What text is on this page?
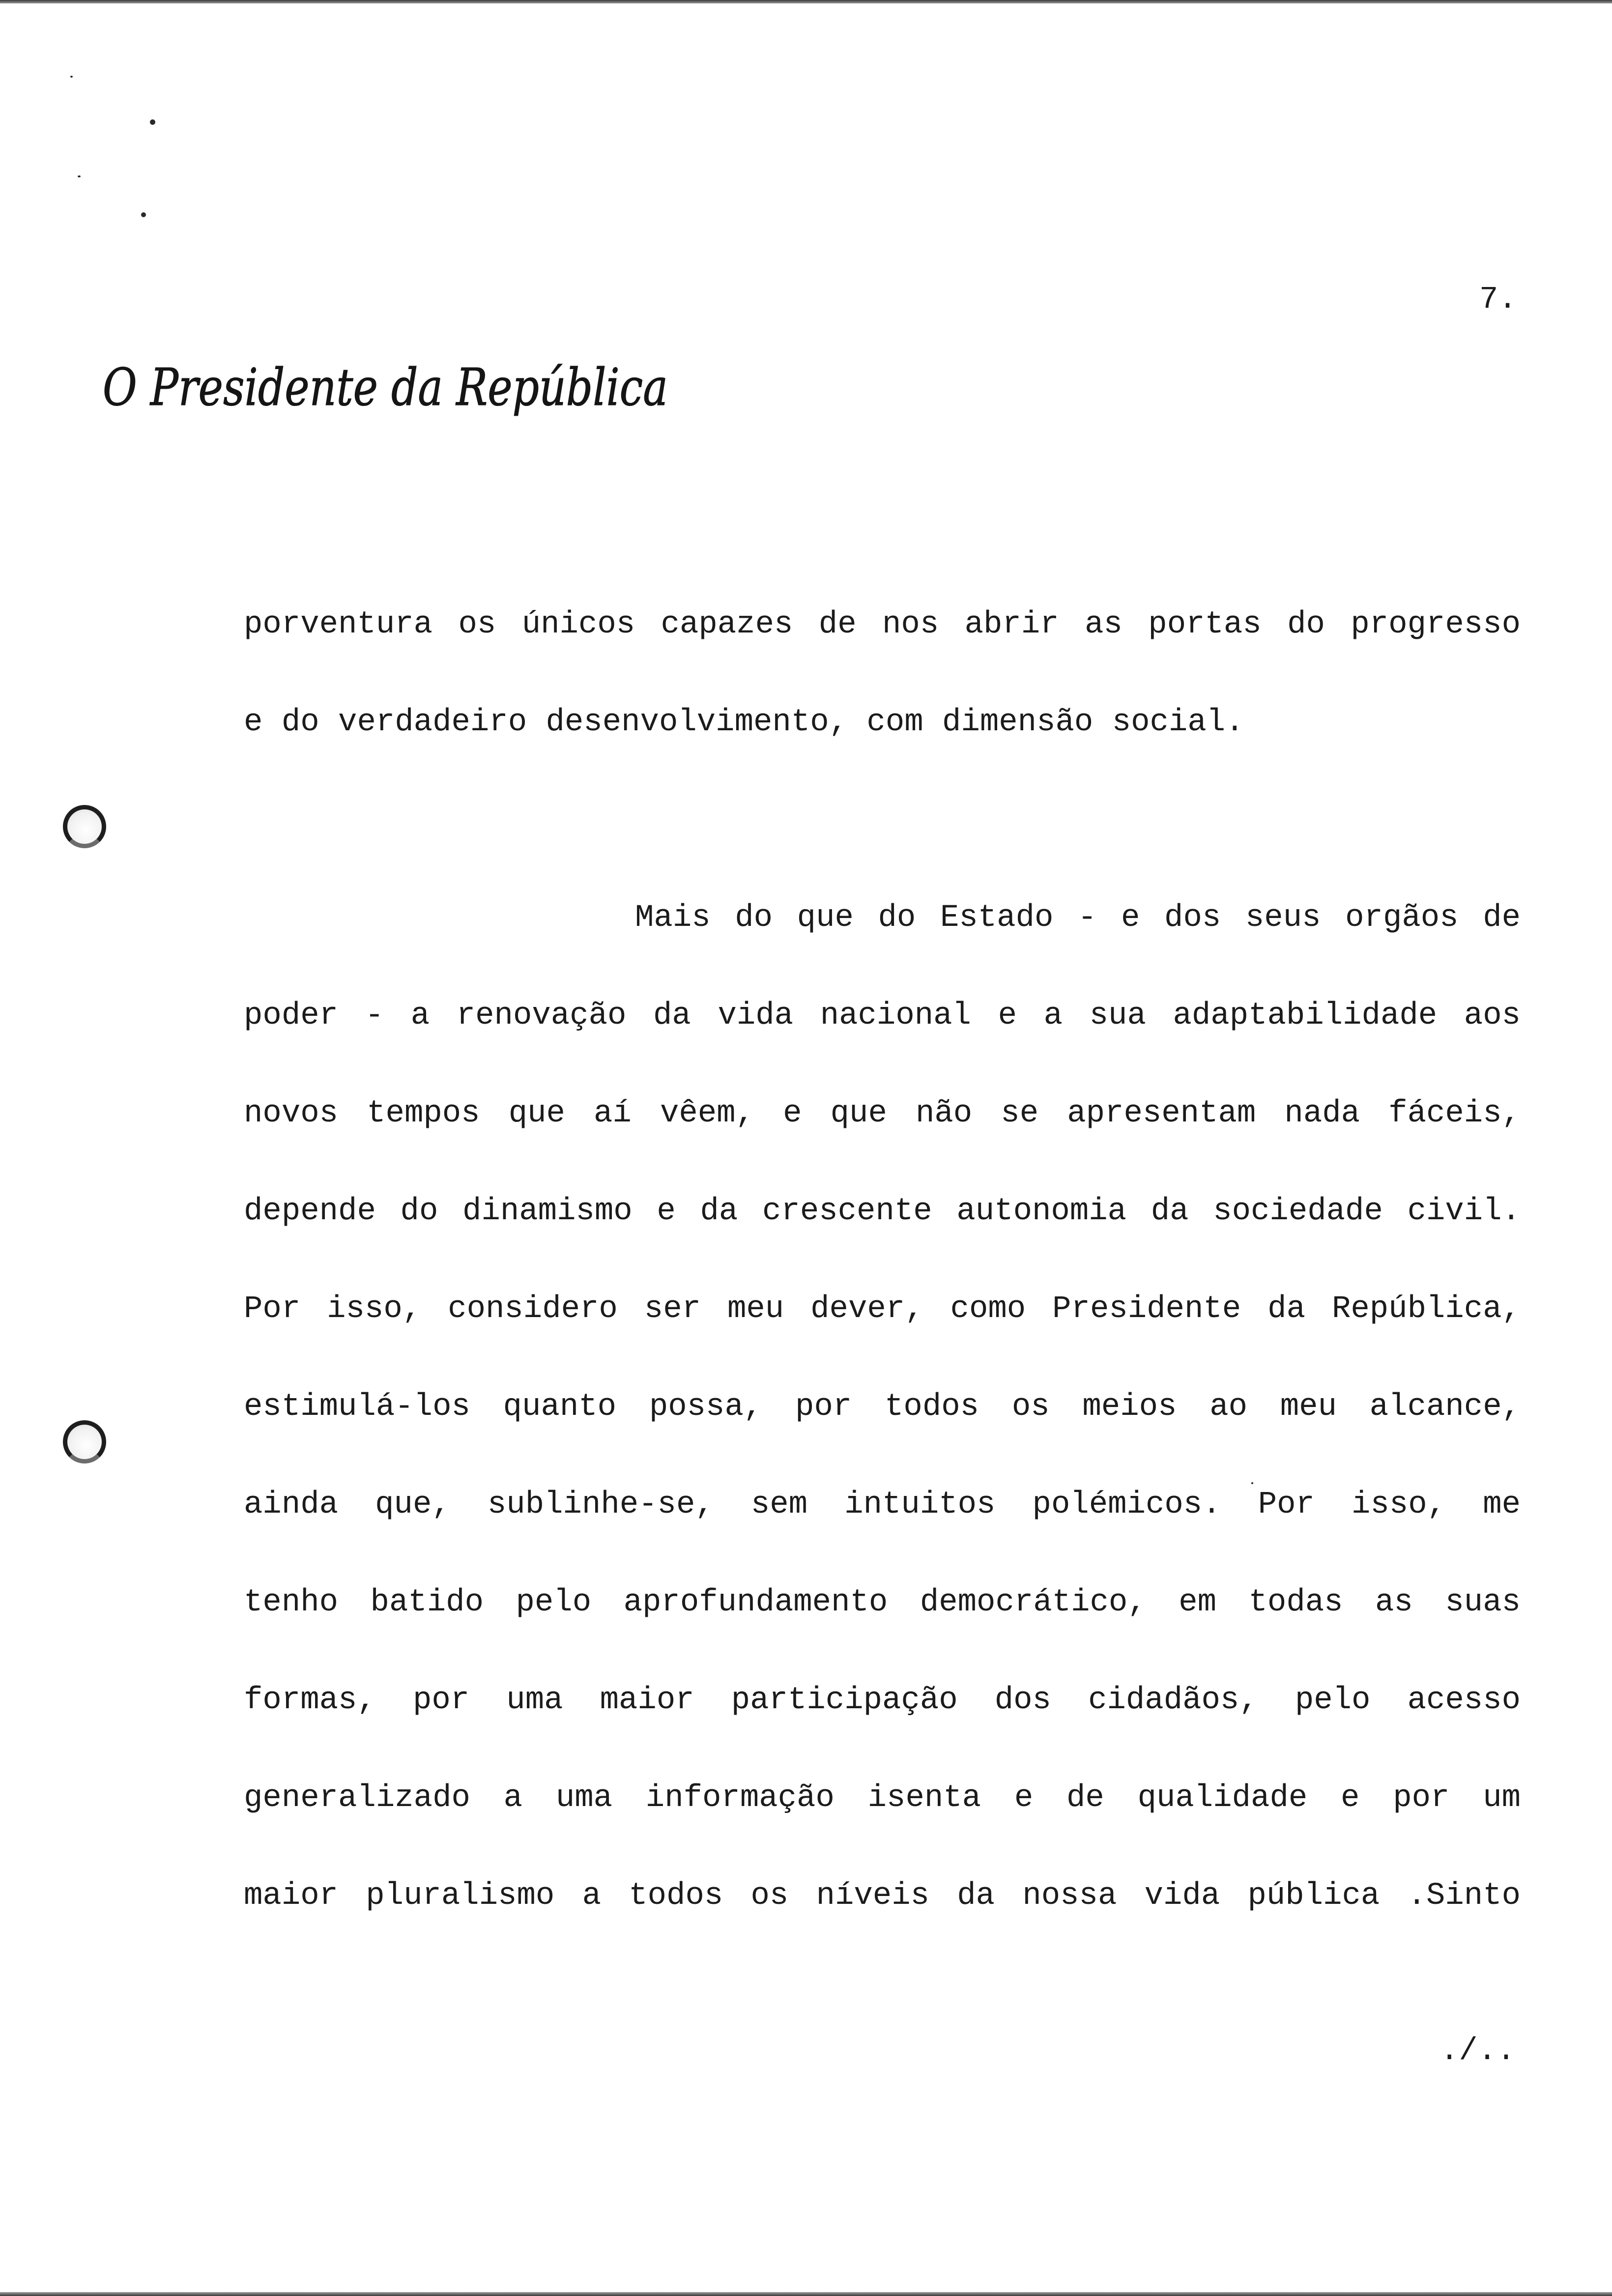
7.
O Presidente da República
porventura os únicos capazes de nos abrir as portas do progresso
e do verdadeiro desenvolvimento, com dimensão social.
Mais do que do Estado - e dos seus orgãos de
poder - a renovação da vida nacional e a sua adaptabilidade aos
novos tempos que aí vêem, e que não se apresentam nada fáceis,
depende do dinamismo e da crescente autonomia da sociedade civil.
Por isso, considero ser meu dever, como Presidente da República,
estimulá-los quanto possa, por todos os meios ao meu alcance,
ainda que, sublinhe-se, sem intuitos polémicos. Por isso, me
tenho batido pelo aprofundamento democrático, em todas as suas
formas, por uma maior participação dos cidadãos, pelo acesso
generalizado a uma informação isenta e de qualidade e por um
maior pluralismo a todos os níveis da nossa vida pública .Sinto
./..
